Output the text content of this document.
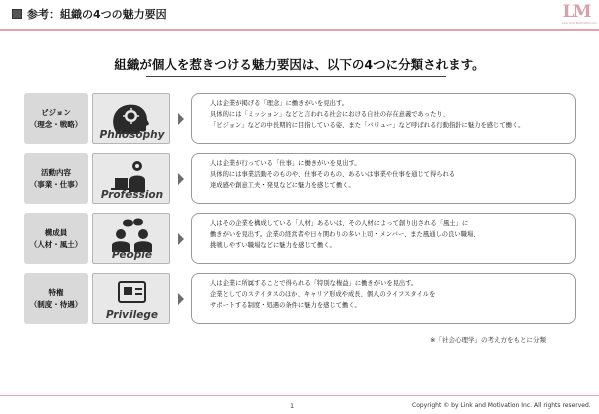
参考：組織の4つの魅力要因	LM
Link and Motivation Inc.
組織が個人を惹きつける魅力要因は、以下の4つに分類されます。
ビジョン
（理念・戦略）
Philosophy

人は企業が掲げる「理念」に働きがいを見出す。

具体的には「ミッション」などと言われる社会における自社の存在意義であったり、

「ビジョン」などの中長期的に目指している姿、また「バリュー」など呼ばれる行動指針に魅力を感じて働く。

活動内容
（事業・仕事）
Profession

人は企業が行っている「仕事」に働きがいを見出す。

具体的には事業活動そのものや、仕事そのもの、あるいは事業や仕事を通じて得られる

達成感や創意工夫・発見などに魅力を感じて働く。

構成員
（人材・風土）
People

人はその企業を構成している「人材」あるいは、その人材によって創り出される「風土」に

働きがいを見出す。企業の経営者や日々関わりの多い上司・メンバー、また風通しの良い職場、

挑戦しやすい職場などに魅力を感じて働く。

特権
（制度・待遇）
Privilege

人は企業に所属することで得られる「特別な権益」に働きがいを見出す。

企業としてのステイタスのほか、キャリア形成や成長、個人のライフスタイルを

サポートする制度・処遇の条件に魅力を感じて働く。

※「社会心理学」の考え方をもとに分類
1	Copyright © by Link and Motivation Inc. All rights reserved.
